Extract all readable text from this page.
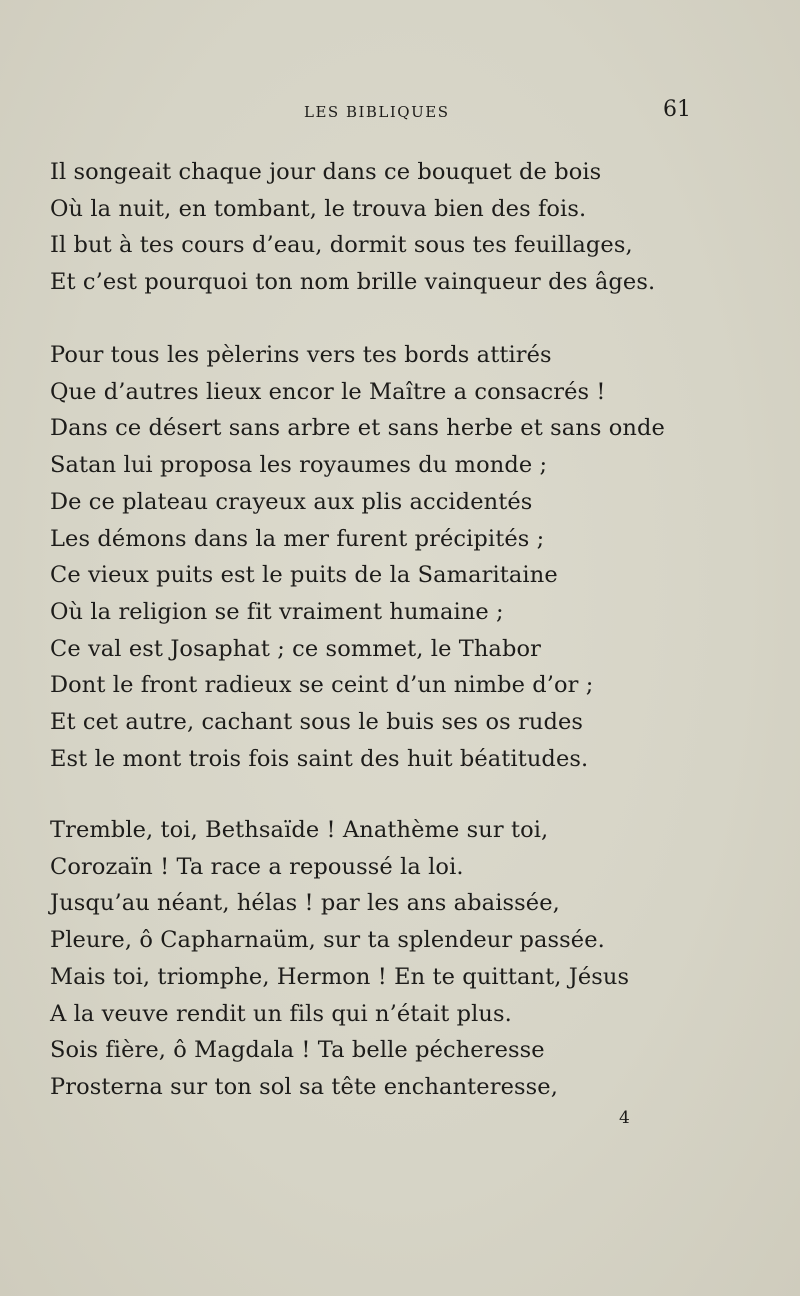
LES BIBLIQUES	61
Il songeait chaque jour dans ce bouquet de bois
Où la nuit, en tombant, le trouva bien des fois.
Il but à tes cours d’eau, dormit sous tes feuillages,
Et c’est pourquoi ton nom brille vainqueur des âges.
Pour tous les pèlerins vers tes bords attirés
Que d’autres lieux encor le Maître a consacrés !
Dans ce désert sans arbre et sans herbe et sans onde
Satan lui proposa les royaumes du monde ;
De ce plateau crayeux aux plis accidentés
Les démons dans la mer furent précipités ;
Ce vieux puits est le puits de la Samaritaine
Où la religion se fit vraiment humaine ;
Ce val est Josaphat ; ce sommet, le Thabor
Dont le front radieux se ceint d’un nimbe d’or ;
Et cet autre, cachant sous le buis ses os rudes
Est le mont trois fois saint des huit béatitudes.
Tremble, toi, Bethsaïde ! Anathème sur toi,
Corozaïn ! Ta race a repoussé la loi.
Jusqu’au néant, hélas ! par les ans abaissée,
Pleure, ô Capharnaüm, sur ta splendeur passée.
Mais toi, triomphe, Hermon ! En te quittant, Jésus
A la veuve rendit un fils qui n’était plus.
Sois fière, ô Magdala ! Ta belle pécheresse
Prosterna sur ton sol sa tête enchanteresse,
4
